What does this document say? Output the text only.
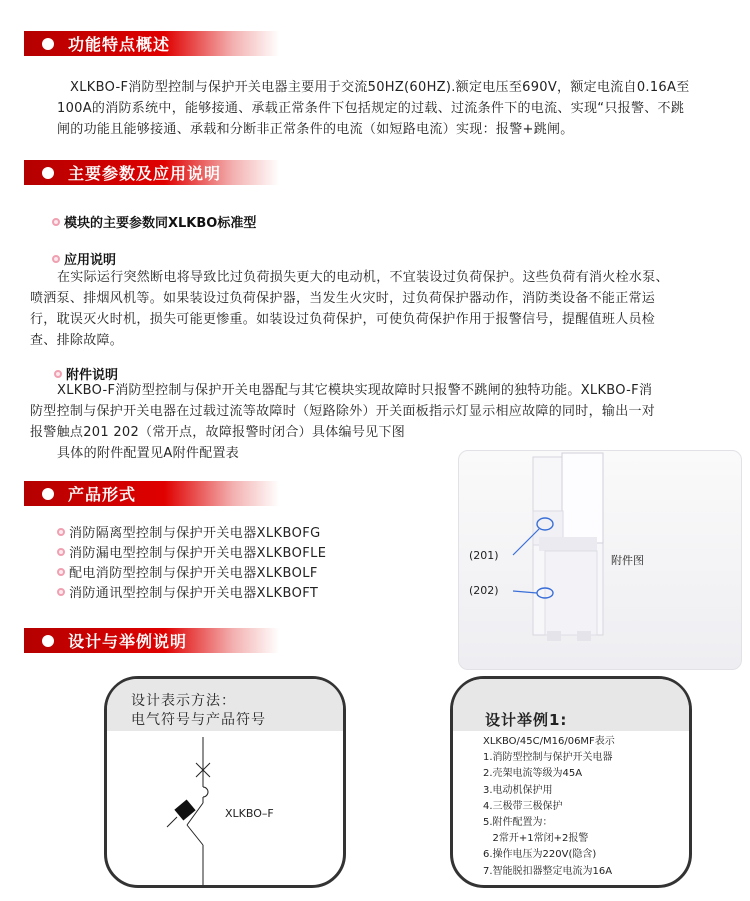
功能特点概述
XLKBO-F消防型控制与保护开关电器主要用于交流50HZ(60HZ).额定电压至690V，额定电流自0.16A至
100A的消防系统中，能够接通、承载正常条件下包括规定的过载、过流条件下的电流、实现“只报警、不跳
闸的功能且能够接通、承载和分断非正常条件的电流（如短路电流）实现：报警+跳闸。
主要参数及应用说明
模块的主要参数同XLKBO标准型
应用说明
在实际运行突然断电将导致比过负荷损失更大的电动机，不宜装设过负荷保护。这些负荷有消火栓水泵、
喷洒泵、排烟风机等。如果装设过负荷保护器，当发生火灾时，过负荷保护器动作，消防类设备不能正常运
行，耽误灭火时机，损失可能更惨重。如装设过负荷保护，可使负荷保护作用于报警信号，提醒值班人员检
查、排除故障。
附件说明
XLKBO-F消防型控制与保护开关电器配与其它模块实现故障时只报警不跳闸的独特功能。XLKBO-F消
防型控制与保护开关电器在过载过流等故障时（短路除外）开关面板指示灯显示相应故障的同时，输出一对
报警触点201 202（常开点，故障报警时闭合）具体编号见下图
具体的附件配置见A附件配置表
产品形式
消防隔离型控制与保护开关电器XLKBOFG
消防漏电型控制与保护开关电器XLKBOFLE
配电消防型控制与保护开关电器XLKBOLF
消防通讯型控制与保护开关电器XLKBOFT
(201)
(202)
附件图
设计与举例说明
设计表示方法：
电气符号与产品符号
XLKBO–F
设计举例1:
XLKBO/45C/M16/06MF表示
1.消防型控制与保护开关电器
2.壳架电流等级为45A
3.电动机保护用
4.三极带三极保护
5.附件配置为：
2常开+1常闭+2报警
6.操作电压为220V(隐含)
7.智能脱扣器整定电流为16A
